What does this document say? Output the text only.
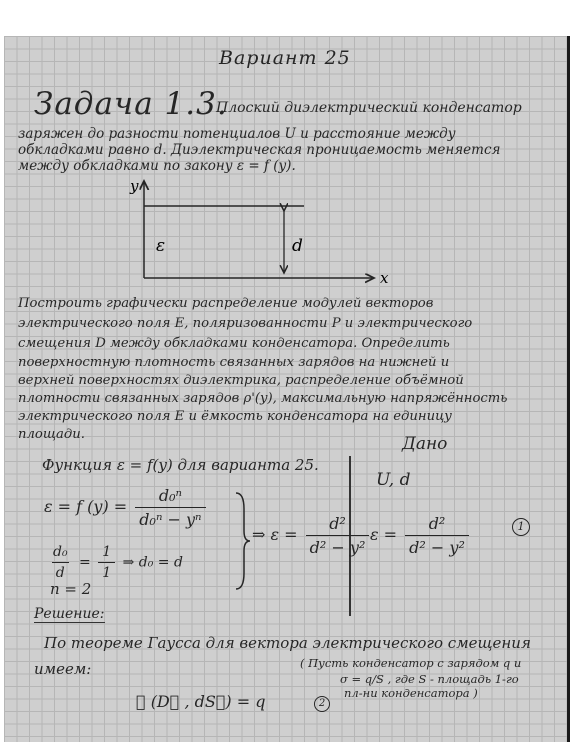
Вариант 25
Задача 1.3.
Плоский диэлектрический конденсатор
заряжен до разности потенциалов U и расстояние между
обкладками равно d. Диэлектрическая проницаемость меняется
между обкладками по закону ε = f (y).
y
x
ε	d
Построить графически распределение модулей векторов
электрического поля E, поляризованности P и электрического
смещения D между обкладками конденсатора. Определить
поверхностную плотность связанных зарядов на нижней и
верхней поверхностях диэлектрика, распределение объёмной
плотности связанных зарядов ρ'(y), максимальную напряжённость
электрического поля E и ёмкость конденсатора на единицу
площади.	Дано
U, d
Функция ε = f(y) для варианта 25.
ε = f $(y) = \frac{\text{d₀ⁿ}}{\text{d₀ⁿ − yⁿ}}$
$\frac{\text{d₀}}{d} = \frac{1}{1}$ ⇒ d₀ = d
n = 2
⇒ $\varepsilon = \frac{\text{d²}}{\text{d² − y²}}$ $\varepsilon = \frac{\text{d²}}{\text{d² − y²}}$	1
Решение:
По теореме Гаусса для вектора электрического смещения
имеем:	( Пусть конденсатор с зарядом q и
σ = q/S , где S - площадь 1-го
пл-ни конденсатора )
∮ (D⃗ , dS⃗) = q	2
